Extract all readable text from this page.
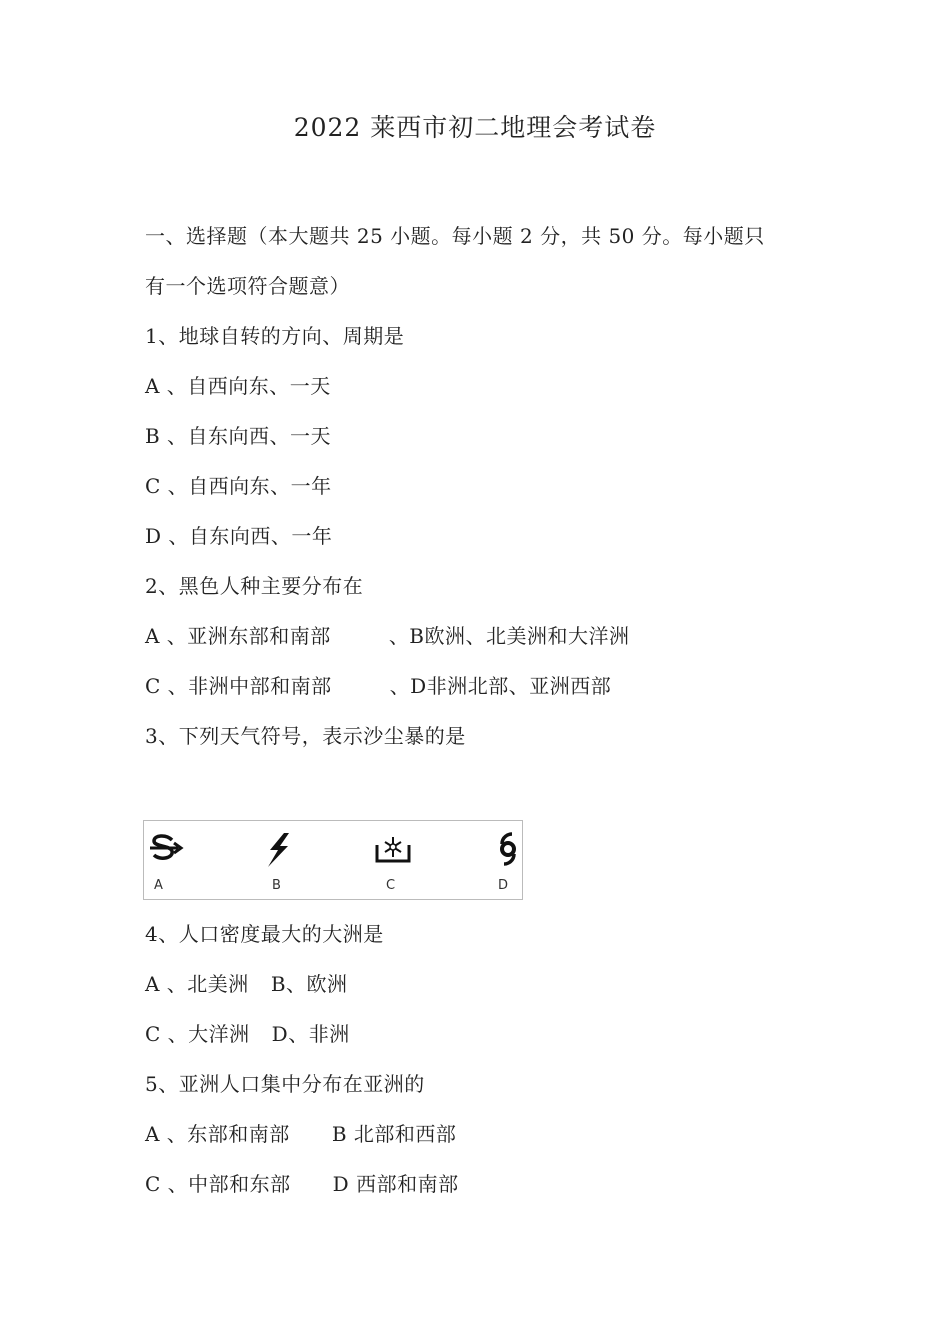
2022 莱西市初二地理会考试卷
一、选择题（本大题共 25 小题。每小题 2 分，共 50 分。每小题只
有一个选项符合题意）
1、地球自转的方向、周期是
A 、自西向东、一天
B 、自东向西、一天
C 、自西向东、一年
D 、自东向西、一年
2、黑色人种主要分布在
A 、亚洲东部和南部	、B欧洲、北美洲和大洋洲
C 、非洲中部和南部	、D非洲北部、亚洲西部
3、下列天气符号，表示沙尘暴的是
A	B	C	D
4、人口密度最大的大洲是
A 、北美洲 B、欧洲
C 、大洋洲 D、非洲
5、亚洲人口集中分布在亚洲的
A 、东部和南部 B 北部和西部
C 、中部和东部 D 西部和南部
